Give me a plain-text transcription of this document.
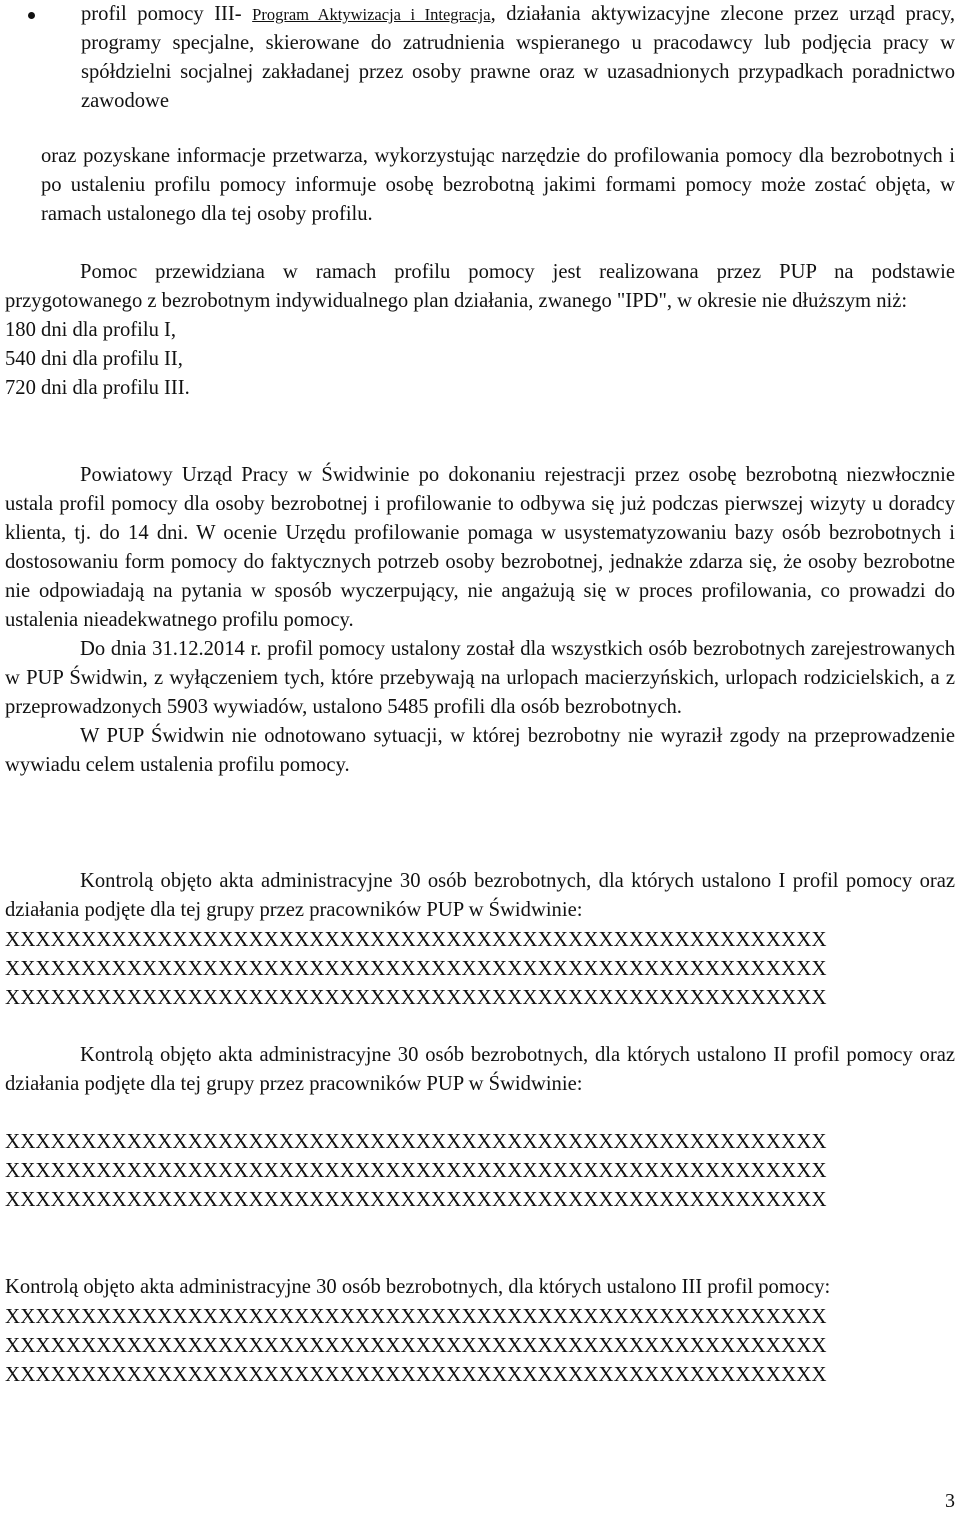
profil pomocy III- Program Aktywizacja i Integracja, działania aktywizacyjne zlecone przez urząd pracy, programy specjalne, skierowane do zatrudnienia wspieranego u pracodawcy lub podjęcia pracy w spółdzielni socjalnej zakładanej przez osoby prawne oraz w uzasadnionych przypadkach poradnictwo zawodowe

oraz pozyskane informacje przetwarza, wykorzystując narzędzie do profilowania pomocy dla bezrobotnych i po ustaleniu profilu pomocy informuje osobę bezrobotną jakimi formami pomocy może zostać objęta, w ramach ustalonego dla tej osoby profilu.

Pomoc przewidziana w ramach profilu pomocy jest realizowana przez PUP na podstawie przygotowanego z bezrobotnym indywidualnego plan działania, zwanego "IPD", w okresie nie dłuższym niż:

180 dni dla profilu I,
540 dni dla profilu II,
720 dni dla profilu III.

Powiatowy Urząd Pracy w Świdwinie po dokonaniu rejestracji przez osobę bezrobotną niezwłocznie ustala profil pomocy dla osoby bezrobotnej i profilowanie to odbywa się już podczas pierwszej wizyty u doradcy klienta, tj. do 14 dni. W ocenie Urzędu profilowanie pomaga w usystematyzowaniu bazy osób bezrobotnych i dostosowaniu form pomocy do faktycznych potrzeb osoby bezrobotnej, jednakże zdarza się, że osoby bezrobotne nie odpowiadają na pytania w sposób wyczerpujący, nie angażują się w proces profilowania, co prowadzi do ustalenia nieadekwatnego profilu pomocy.

Do dnia 31.12.2014 r. profil pomocy ustalony został dla wszystkich osób bezrobotnych zarejestrowanych w PUP Świdwin, z wyłączeniem tych, które przebywają na urlopach macierzyńskich, urlopach rodzicielskich, a z przeprowadzonych 5903 wywiadów, ustalono 5485 profili dla osób bezrobotnych.

W PUP Świdwin nie odnotowano sytuacji, w której bezrobotny nie wyraził zgody na przeprowadzenie wywiadu celem ustalenia profilu pomocy.

Kontrolą objęto akta administracyjne 30 osób bezrobotnych, dla których ustalono I profil pomocy oraz działania podjęte dla tej grupy przez pracowników PUP w Świdwinie:

XXXXXXXXXXXXXXXXXXXXXXXXXXXXXXXXXXXXXXXXXXXXXXXXXXXXXX
XXXXXXXXXXXXXXXXXXXXXXXXXXXXXXXXXXXXXXXXXXXXXXXXXXXXXX
XXXXXXXXXXXXXXXXXXXXXXXXXXXXXXXXXXXXXXXXXXXXXXXXXXXXXX

Kontrolą objęto akta administracyjne 30 osób bezrobotnych, dla których ustalono II profil pomocy oraz działania podjęte dla tej grupy przez pracowników PUP w Świdwinie:

XXXXXXXXXXXXXXXXXXXXXXXXXXXXXXXXXXXXXXXXXXXXXXXXXXXXXX
XXXXXXXXXXXXXXXXXXXXXXXXXXXXXXXXXXXXXXXXXXXXXXXXXXXXXX
XXXXXXXXXXXXXXXXXXXXXXXXXXXXXXXXXXXXXXXXXXXXXXXXXXXXXX

Kontrolą objęto akta administracyjne 30 osób bezrobotnych, dla których ustalono III profil pomocy:

XXXXXXXXXXXXXXXXXXXXXXXXXXXXXXXXXXXXXXXXXXXXXXXXXXXXXX
XXXXXXXXXXXXXXXXXXXXXXXXXXXXXXXXXXXXXXXXXXXXXXXXXXXXXX
XXXXXXXXXXXXXXXXXXXXXXXXXXXXXXXXXXXXXXXXXXXXXXXXXXXXXX
3
